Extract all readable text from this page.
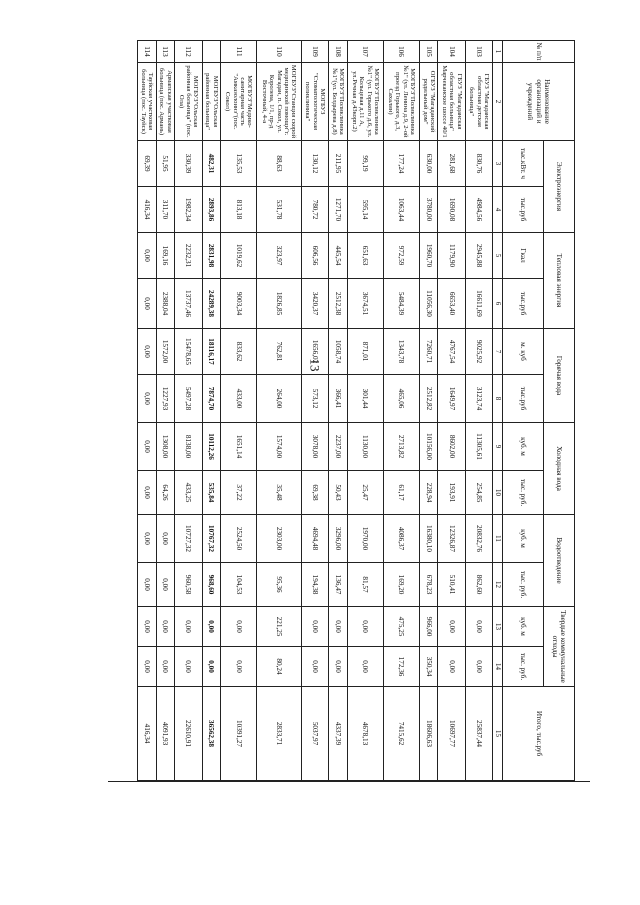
13
№ п/п	Наименование организаций и учреждений	Электроэнергия		Тепловая энергия		Горячая вода		Холодная вода		Водоотведение		Твердые коммунальные отходы		Итого, тыс.руб
		тыс.кВт. ч	тыс.руб	Гкал	тыс.руб	м. куб	тыс.руб	куб. м	тыс. руб.	куб. м	тыс. руб.	куб. м	тыс. руб.	
1	2	3	4	5	6	7	8	9	10	11	12	13	14	15
103	ГБУЗ "Магаданская областная детская больница"	830,76	4984,56	2945,88	16611,69	9025,92	3123,74	11305,61	254,85	20832,76	862,60	0,00	0,00	25837,44
104	ГБУЗ "Магаданская областная больница" Марчеканское шоссе 40/1	281,68	1690,08	1179,90	6653,40	4767,54	1649,97	8602,00	193,91	12326,87	510,41	0,00	0,00	10697,77
105	ОГБУЗ "Магаданский родильный дом"	630,00	3780,00	1960,70	11056,30	7260,71	2512,82	10156,00	228,94	16380,10	678,23	966,00	350,34	18606,63
106	МОГБУЗ"Поликлиника №1" (ул. Ленина д.9, 2-ой проезд Горького, д.3, Сахалин)	177,24	1063,44	972,59	5484,39	1343,78	465,06	2713,82	61,17	4086,37	169,20	475,25	172,36	7415,62
107	МОГБУЗ"Поликлиника №1" (ул. Горького д.6, ул. Кольцевая д.11 А, ул.Речная д.43корп.2)	99,19	595,14	651,63	3674,51	871,01	301,44	1130,00	25,47	1970,00	81,57	0,00	0,00	4678,13
108	МОГБУЗ"Поликлиника №1"(ул. Болдырева д.8)	211,95	1271,70	445,54	2512,38	1058,74	366,41	2237,00	50,43	3296,00	136,47	0,00	0,00	4337,39
109	МОГБУЗ "Стоматологическая поликлиника"	130,12	780,72	606,56	3420,37	1656,02	573,12	3078,00	69,38	4694,48	194,38	0,00	0,00	5037,97
110	МОГБУЗ"Станция скорой медицинской помощи"г. Магадан, п. Сокол, ул. Королева, 1/1, пр-д Восточный, 4-а	88,63	531,78	323,97	1826,85	762,81	264,00	1574,00	35,48	2303,00	95,36	221,25	80,24	2833,71
111	МОГБУЗ"Медико-санитарная часть "Амказолоинз"(пос. Сокол)	135,53	813,18	1019,62	9003,34	833,62	433,00	1651,14	37,22	2524,50	104,53	0,00	0,00	10391,27
	МОГБУЗ"Ольская районная больница"	482,31	2893,86	2831,98	24289,38	18116,17	7874,70	10112,26	535,84	10767,32	968,60	0,00	0,00	36562,38
112	МОГБУЗ"Ольская районная больница" (пос. Ола)	330,39	1982,34	2232,31	13737,46	15478,65	5497,28	8138,00	433,25	10727,32	960,58	0,00	0,00	22610,91
113	Армапская участковая больница (пос. Армань)	51,95	311,70	169,16	2388,04	1572,00	1227,93	1308,00	64,26	0,00	0,00	0,00	0,00	4091,93
114	Тауйская участковая больница (пос. Тауйск)	69,39	416,34	0,00	0,00	0,00	0,00	0,00	0,00	0,00	0,00	0,00	0,00	416,34
